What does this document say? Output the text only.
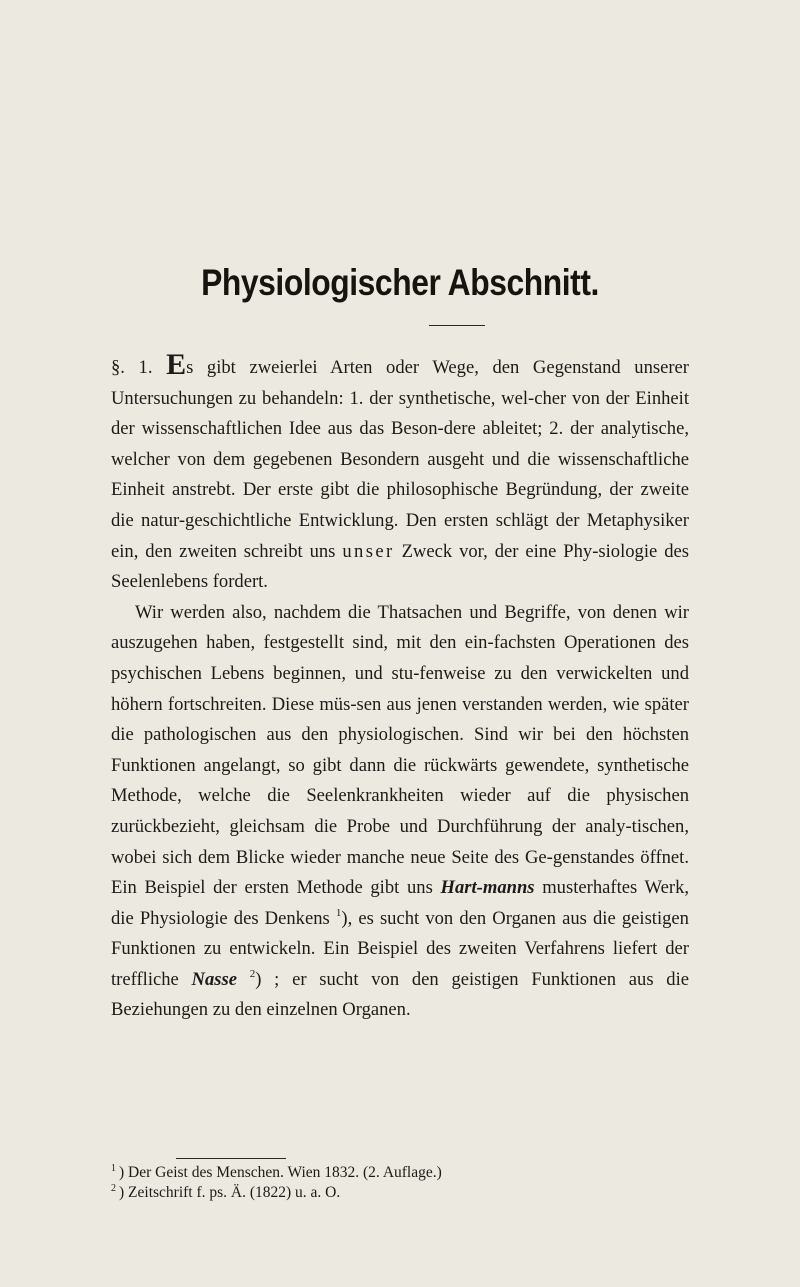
Physiologischer Abschnitt.

§. 1. Es gibt zweierlei Arten oder Wege, den Gegenstand unserer Untersuchungen zu behandeln: 1. der synthetische, wel-cher von der Einheit der wissenschaftlichen Idee aus das Beson-dere ableitet; 2. der analytische, welcher von dem gegebenen Besondern ausgeht und die wissenschaftliche Einheit anstrebt. Der erste gibt die philosophische Begründung, der zweite die natur-geschichtliche Entwicklung. Den ersten schlägt der Metaphysiker ein, den zweiten schreibt uns unser Zweck vor, der eine Phy-siologie des Seelenlebens fordert.

Wir werden also, nachdem die Thatsachen und Begriffe, von denen wir auszugehen haben, festgestellt sind, mit den ein-fachsten Operationen des psychischen Lebens beginnen, und stu-fenweise zu den verwickelten und höhern fortschreiten. Diese müs-sen aus jenen verstanden werden, wie später die pathologischen aus den physiologischen. Sind wir bei den höchsten Funktionen angelangt, so gibt dann die rückwärts gewendete, synthetische Methode, welche die Seelenkrankheiten wieder auf die physischen zurückbezieht, gleichsam die Probe und Durchführung der analy-tischen, wobei sich dem Blicke wieder manche neue Seite des Ge-genstandes öffnet. Ein Beispiel der ersten Methode gibt uns Hart-manns musterhaftes Werk, die Physiologie des Denkens $^1$), es sucht von den Organen aus die geistigen Funktionen zu entwickeln. Ein Beispiel des zweiten Verfahrens liefert der treffliche Nasse $^2$) ; er sucht von den geistigen Funktionen aus die Beziehungen zu den einzelnen Organen.

$^1$ ) Der Geist des Menschen. Wien 1832. (2. Auflage.)

$^2$ ) Zeitschrift f. ps. Ä. (1822) u. a. O.
